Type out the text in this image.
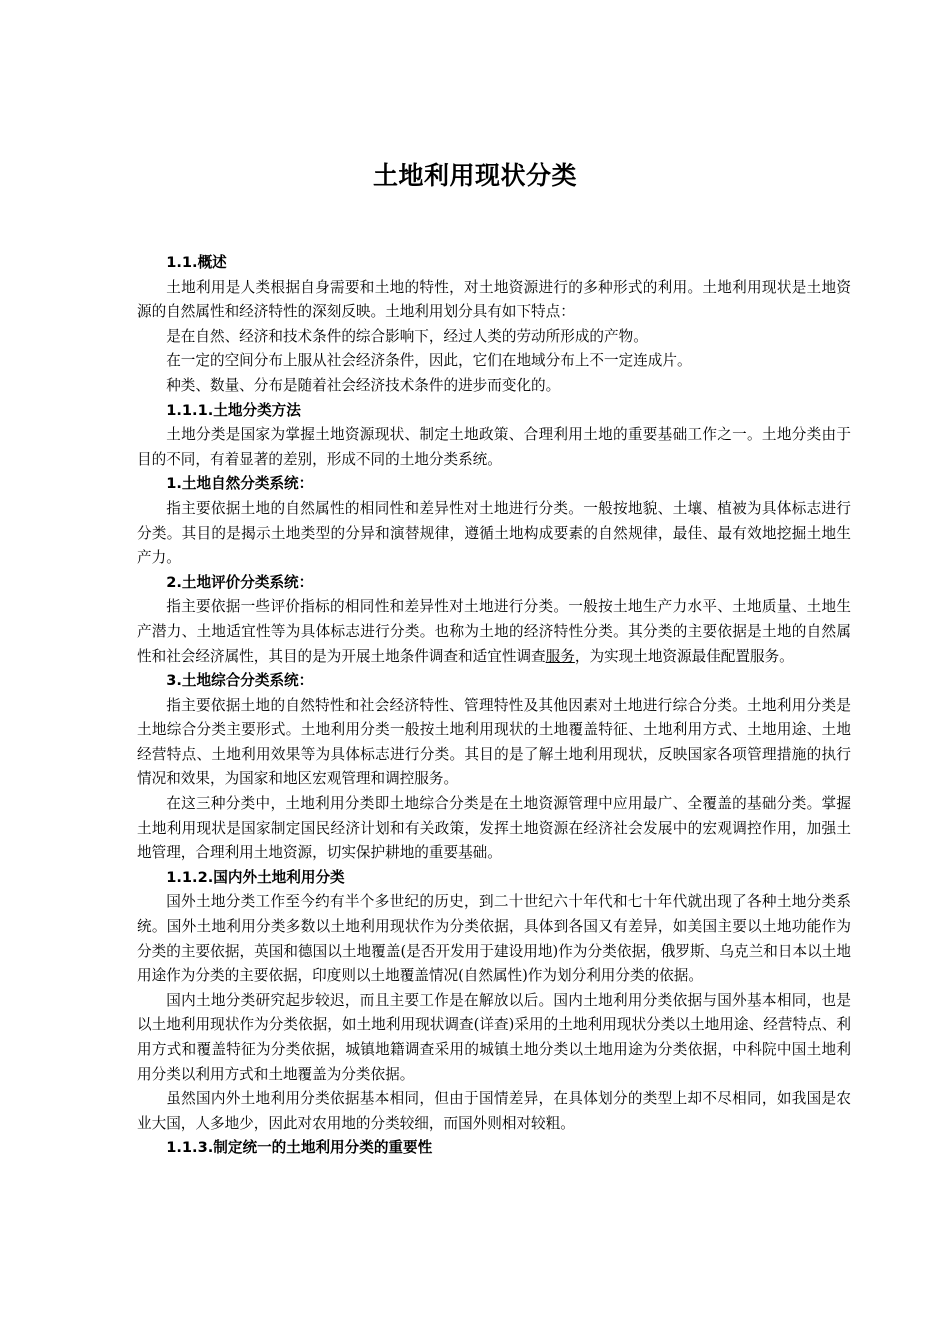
土地利用现状分类
1.1.概述

土地利用是人类根据自身需要和土地的特性，对土地资源进行的多种形式的利用。土地利用现状是土地资源的自然属性和经济特性的深刻反映。土地利用划分具有如下特点：

是在自然、经济和技术条件的综合影响下，经过人类的劳动所形成的产物。

在一定的空间分布上服从社会经济条件，因此，它们在地域分布上不一定连成片。

种类、数量、分布是随着社会经济技术条件的进步而变化的。

1.1.1.土地分类方法

土地分类是国家为掌握土地资源现状、制定土地政策、合理利用土地的重要基础工作之一。土地分类由于目的不同，有着显著的差别，形成不同的土地分类系统。

1.土地自然分类系统：

指主要依据土地的自然属性的相同性和差异性对土地进行分类。一般按地貌、土壤、植被为具体标志进行分类。其目的是揭示土地类型的分异和演替规律，遵循土地构成要素的自然规律，最佳、最有效地挖掘土地生产力。

2.土地评价分类系统：

指主要依据一些评价指标的相同性和差异性对土地进行分类。一般按土地生产力水平、土地质量、土地生产潜力、土地适宜性等为具体标志进行分类。也称为土地的经济特性分类。其分类的主要依据是土地的自然属性和社会经济属性，其目的是为开展土地条件调查和适宜性调查服务，为实现土地资源最佳配置服务。

3.土地综合分类系统：

指主要依据土地的自然特性和社会经济特性、管理特性及其他因素对土地进行综合分类。土地利用分类是土地综合分类主要形式。土地利用分类一般按土地利用现状的土地覆盖特征、土地利用方式、土地用途、土地经营特点、土地利用效果等为具体标志进行分类。其目的是了解土地利用现状，反映国家各项管理措施的执行情况和效果，为国家和地区宏观管理和调控服务。

在这三种分类中，土地利用分类即土地综合分类是在土地资源管理中应用最广、全覆盖的基础分类。掌握土地利用现状是国家制定国民经济计划和有关政策，发挥土地资源在经济社会发展中的宏观调控作用，加强土地管理，合理利用土地资源，切实保护耕地的重要基础。

1.1.2.国内外土地利用分类

国外土地分类工作至今约有半个多世纪的历史，到二十世纪六十年代和七十年代就出现了各种土地分类系统。国外土地利用分类多数以土地利用现状作为分类依据，具体到各国又有差异，如美国主要以土地功能作为分类的主要依据，英国和德国以土地覆盖(是否开发用于建设用地)作为分类依据，俄罗斯、乌克兰和日本以土地用途作为分类的主要依据，印度则以土地覆盖情况(自然属性)作为划分利用分类的依据。

国内土地分类研究起步较迟，而且主要工作是在解放以后。国内土地利用分类依据与国外基本相同，也是以土地利用现状作为分类依据，如土地利用现状调查(详查)采用的土地利用现状分类以土地用途、经营特点、利用方式和覆盖特征为分类依据，城镇地籍调查采用的城镇土地分类以土地用途为分类依据，中科院中国土地利用分类以利用方式和土地覆盖为分类依据。

虽然国内外土地利用分类依据基本相同，但由于国情差异，在具体划分的类型上却不尽相同，如我国是农业大国，人多地少，因此对农用地的分类较细，而国外则相对较粗。

1.1.3.制定统一的土地利用分类的重要性
